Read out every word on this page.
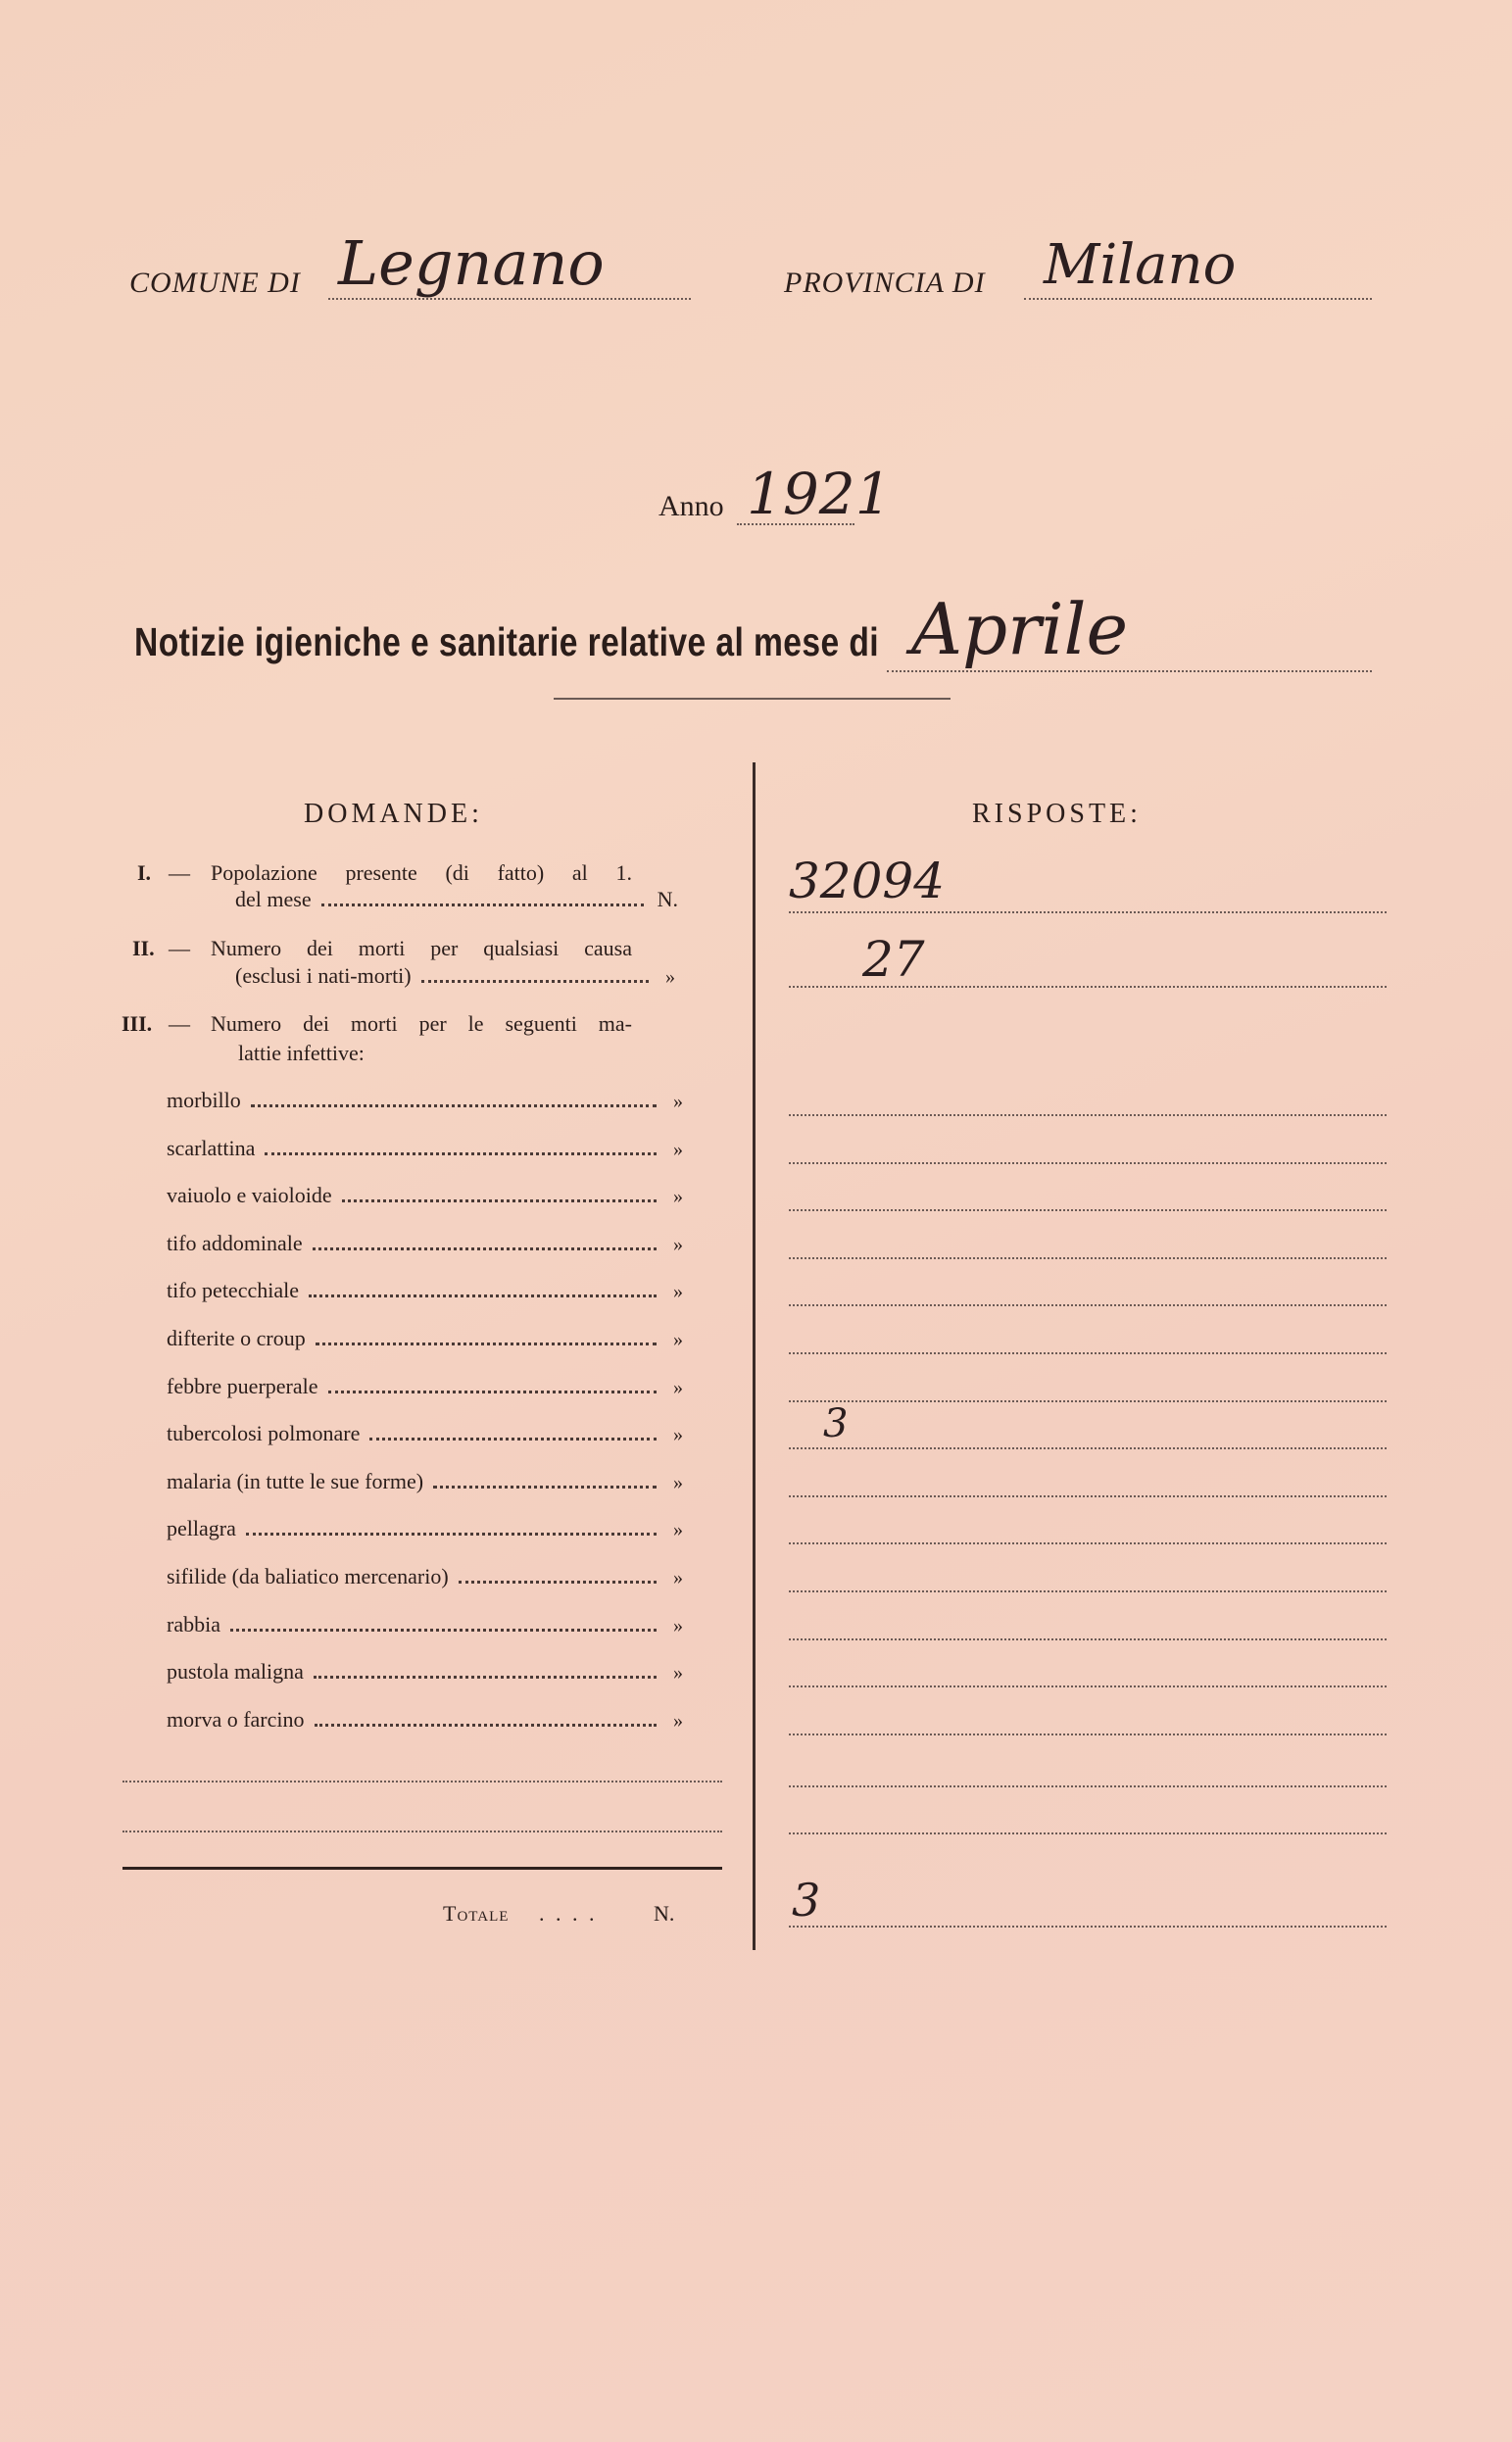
COMUNE DI Legnano	PROVINCIA DI Milano
Anno 1921
Notizie igieniche e sanitarie relative al mese di Aprile
DOMANDE:	RISPOSTE:
I. — Popolazione presente (di fatto) al 1.
del mese	N. 32094
II. — Numero dei morti per qualsiasi causa
(esclusi i nati-morti)	»	27
III. — Numero dei morti per le seguenti ma-
lattie infettive:
morbillo	»
scarlattina	»
vaiuolo e vaioloide	»
tifo addominale	»
tifo petecchiale	»
difterite o croup	»
febbre puerperale	»
tubercolosi polmonare	»	3
malaria (in tutte le sue forme)	»
pellagra	»
sifilide (da baliatico mercenario)	»
rabbia	»
pustola maligna	»
morva o farcino	»
Totale . . . .	N.	3
